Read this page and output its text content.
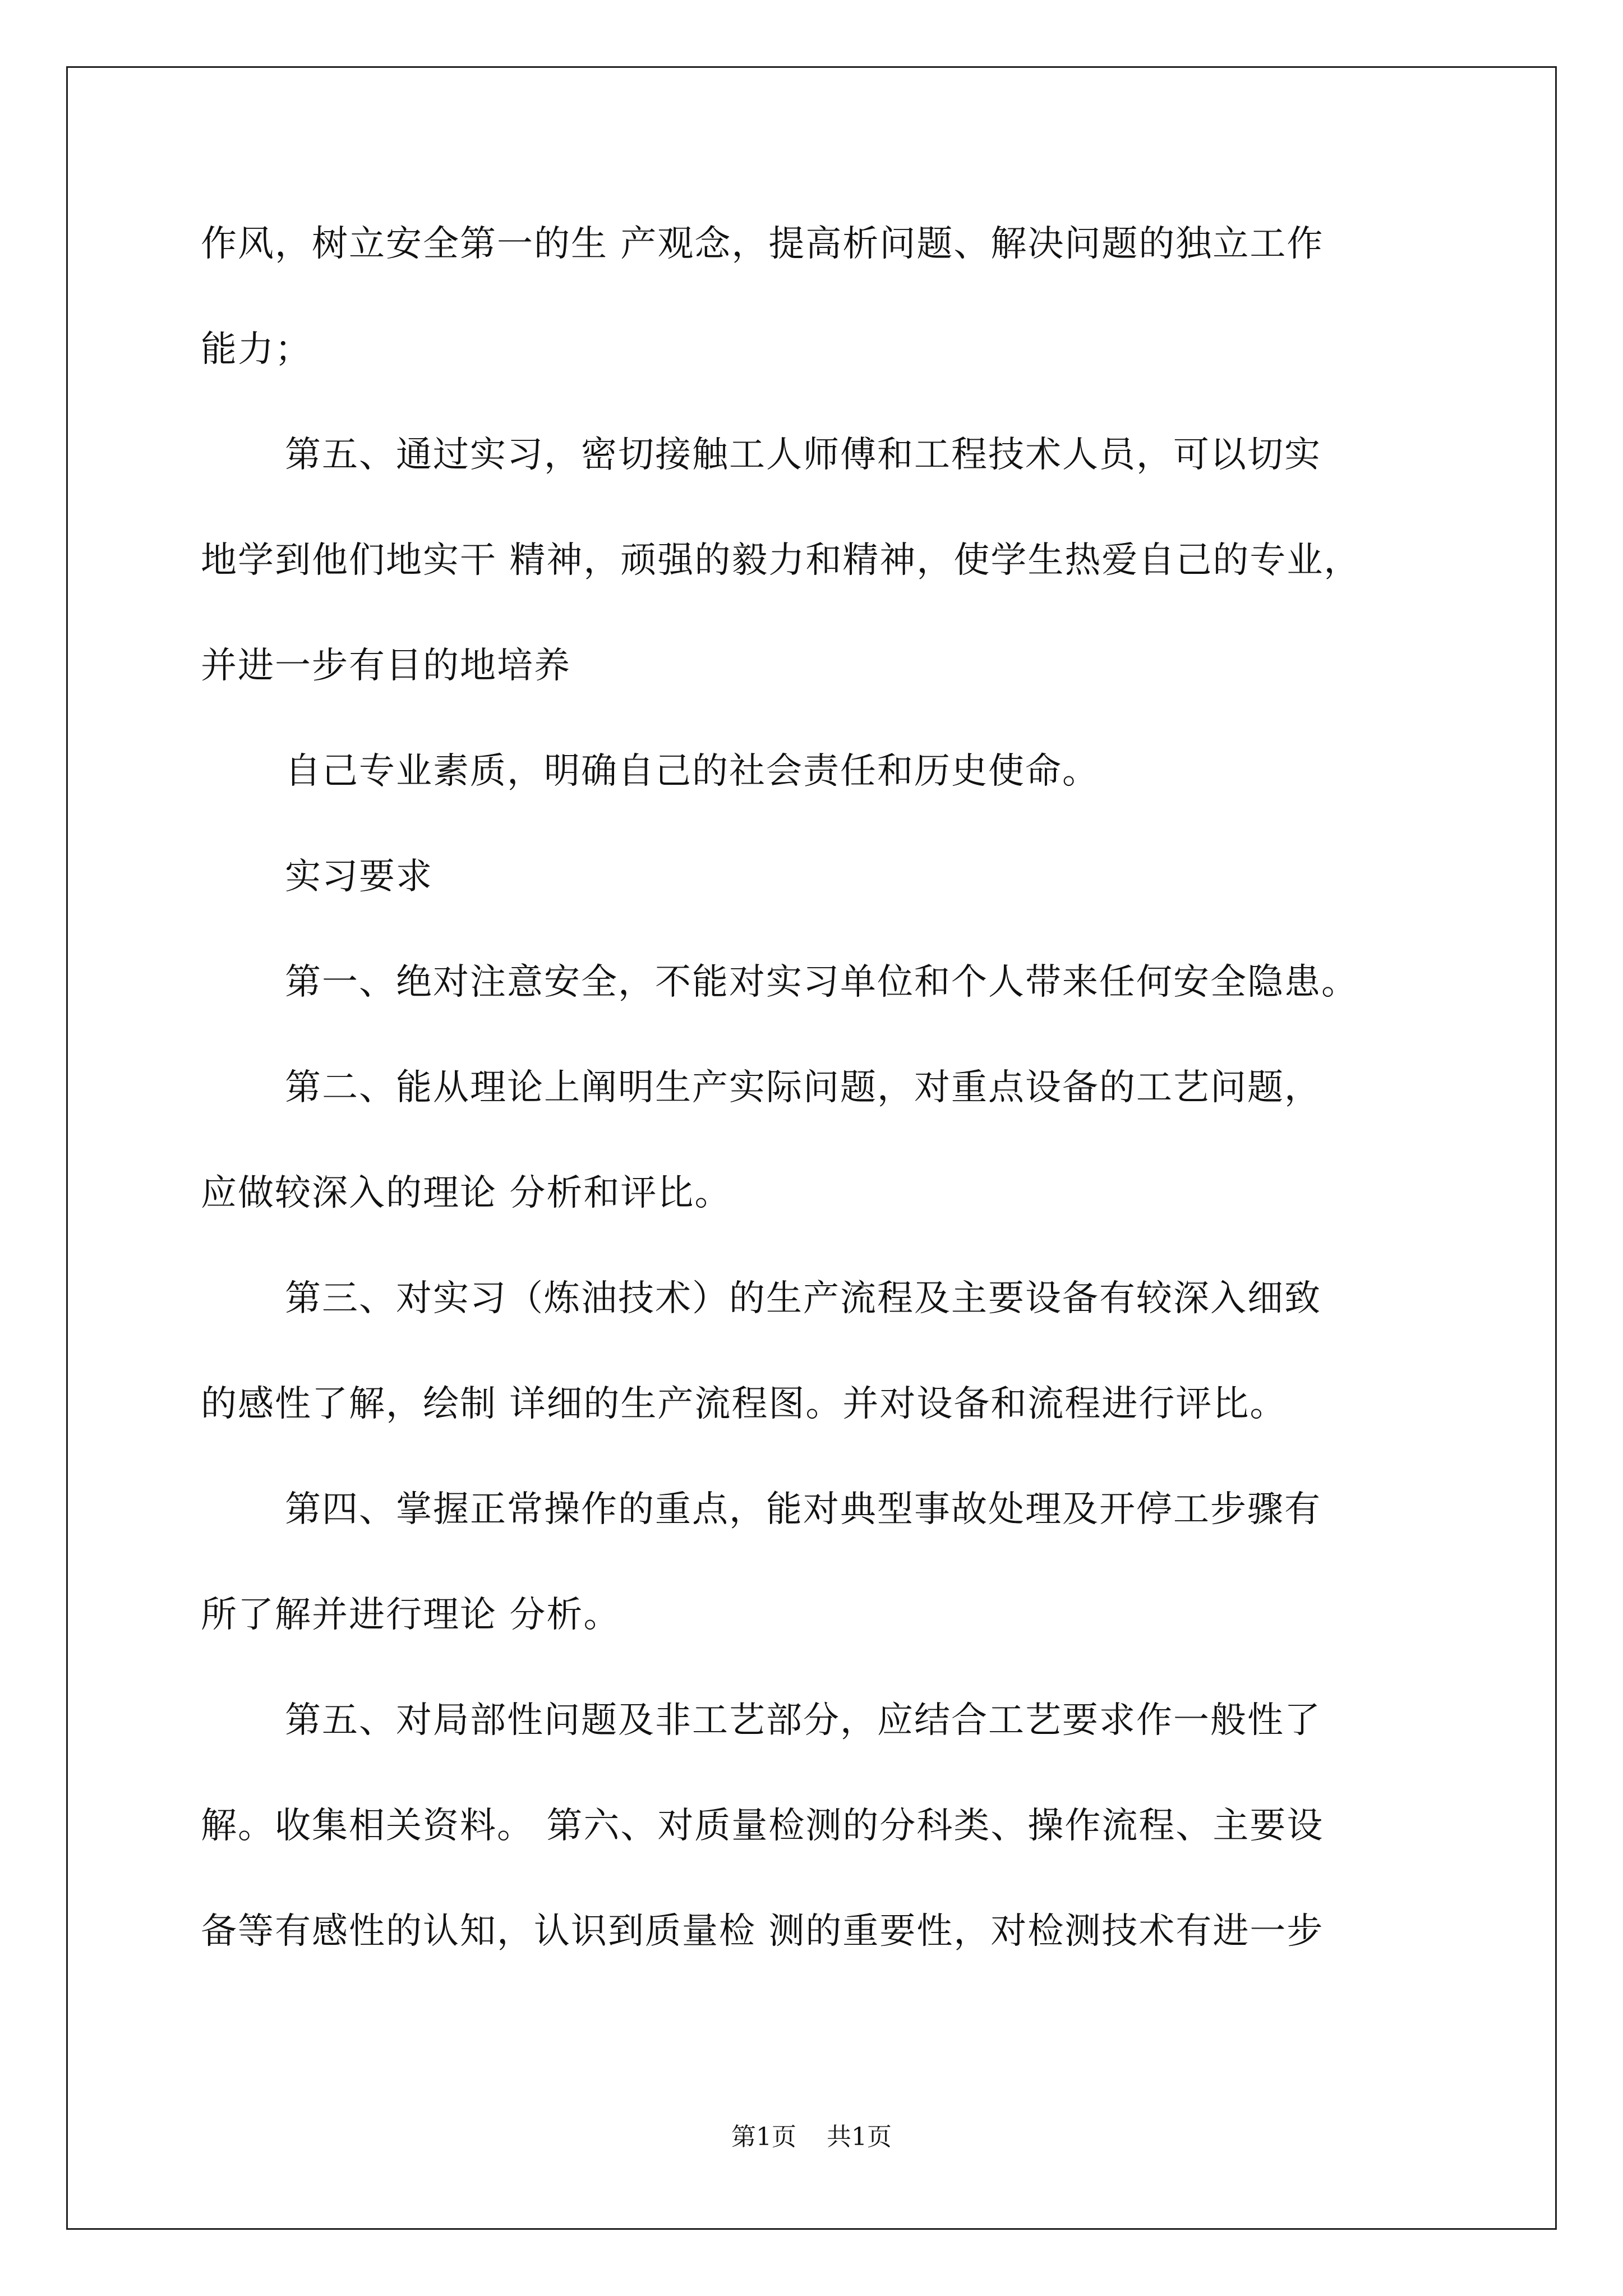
作风，树立安全第一的生 产观念，提高析问题、解决问题的独立工作

能力；

第五、通过实习，密切接触工人师傅和工程技术人员，可以切实

地学到他们地实干 精神，顽强的毅力和精神，使学生热爱自己的专业，

并进一步有目的地培养

自己专业素质，明确自己的社会责任和历史使命。

实习要求

第一、绝对注意安全，不能对实习单位和个人带来任何安全隐患。

第二、能从理论上阐明生产实际问题，对重点设备的工艺问题，

应做较深入的理论 分析和评比。

第三、对实习（炼油技术）的生产流程及主要设备有较深入细致

的感性了解，绘制 详细的生产流程图。并对设备和流程进行评比。

第四、掌握正常操作的重点，能对典型事故处理及开停工步骤有

所了解并进行理论 分析。

第五、对局部性问题及非工艺部分，应结合工艺要求作一般性了

解。收集相关资料。 第六、对质量检测的分科类、操作流程、主要设

备等有感性的认知，认识到质量检 测的重要性，对检测技术有进一步

第1页 共1页
